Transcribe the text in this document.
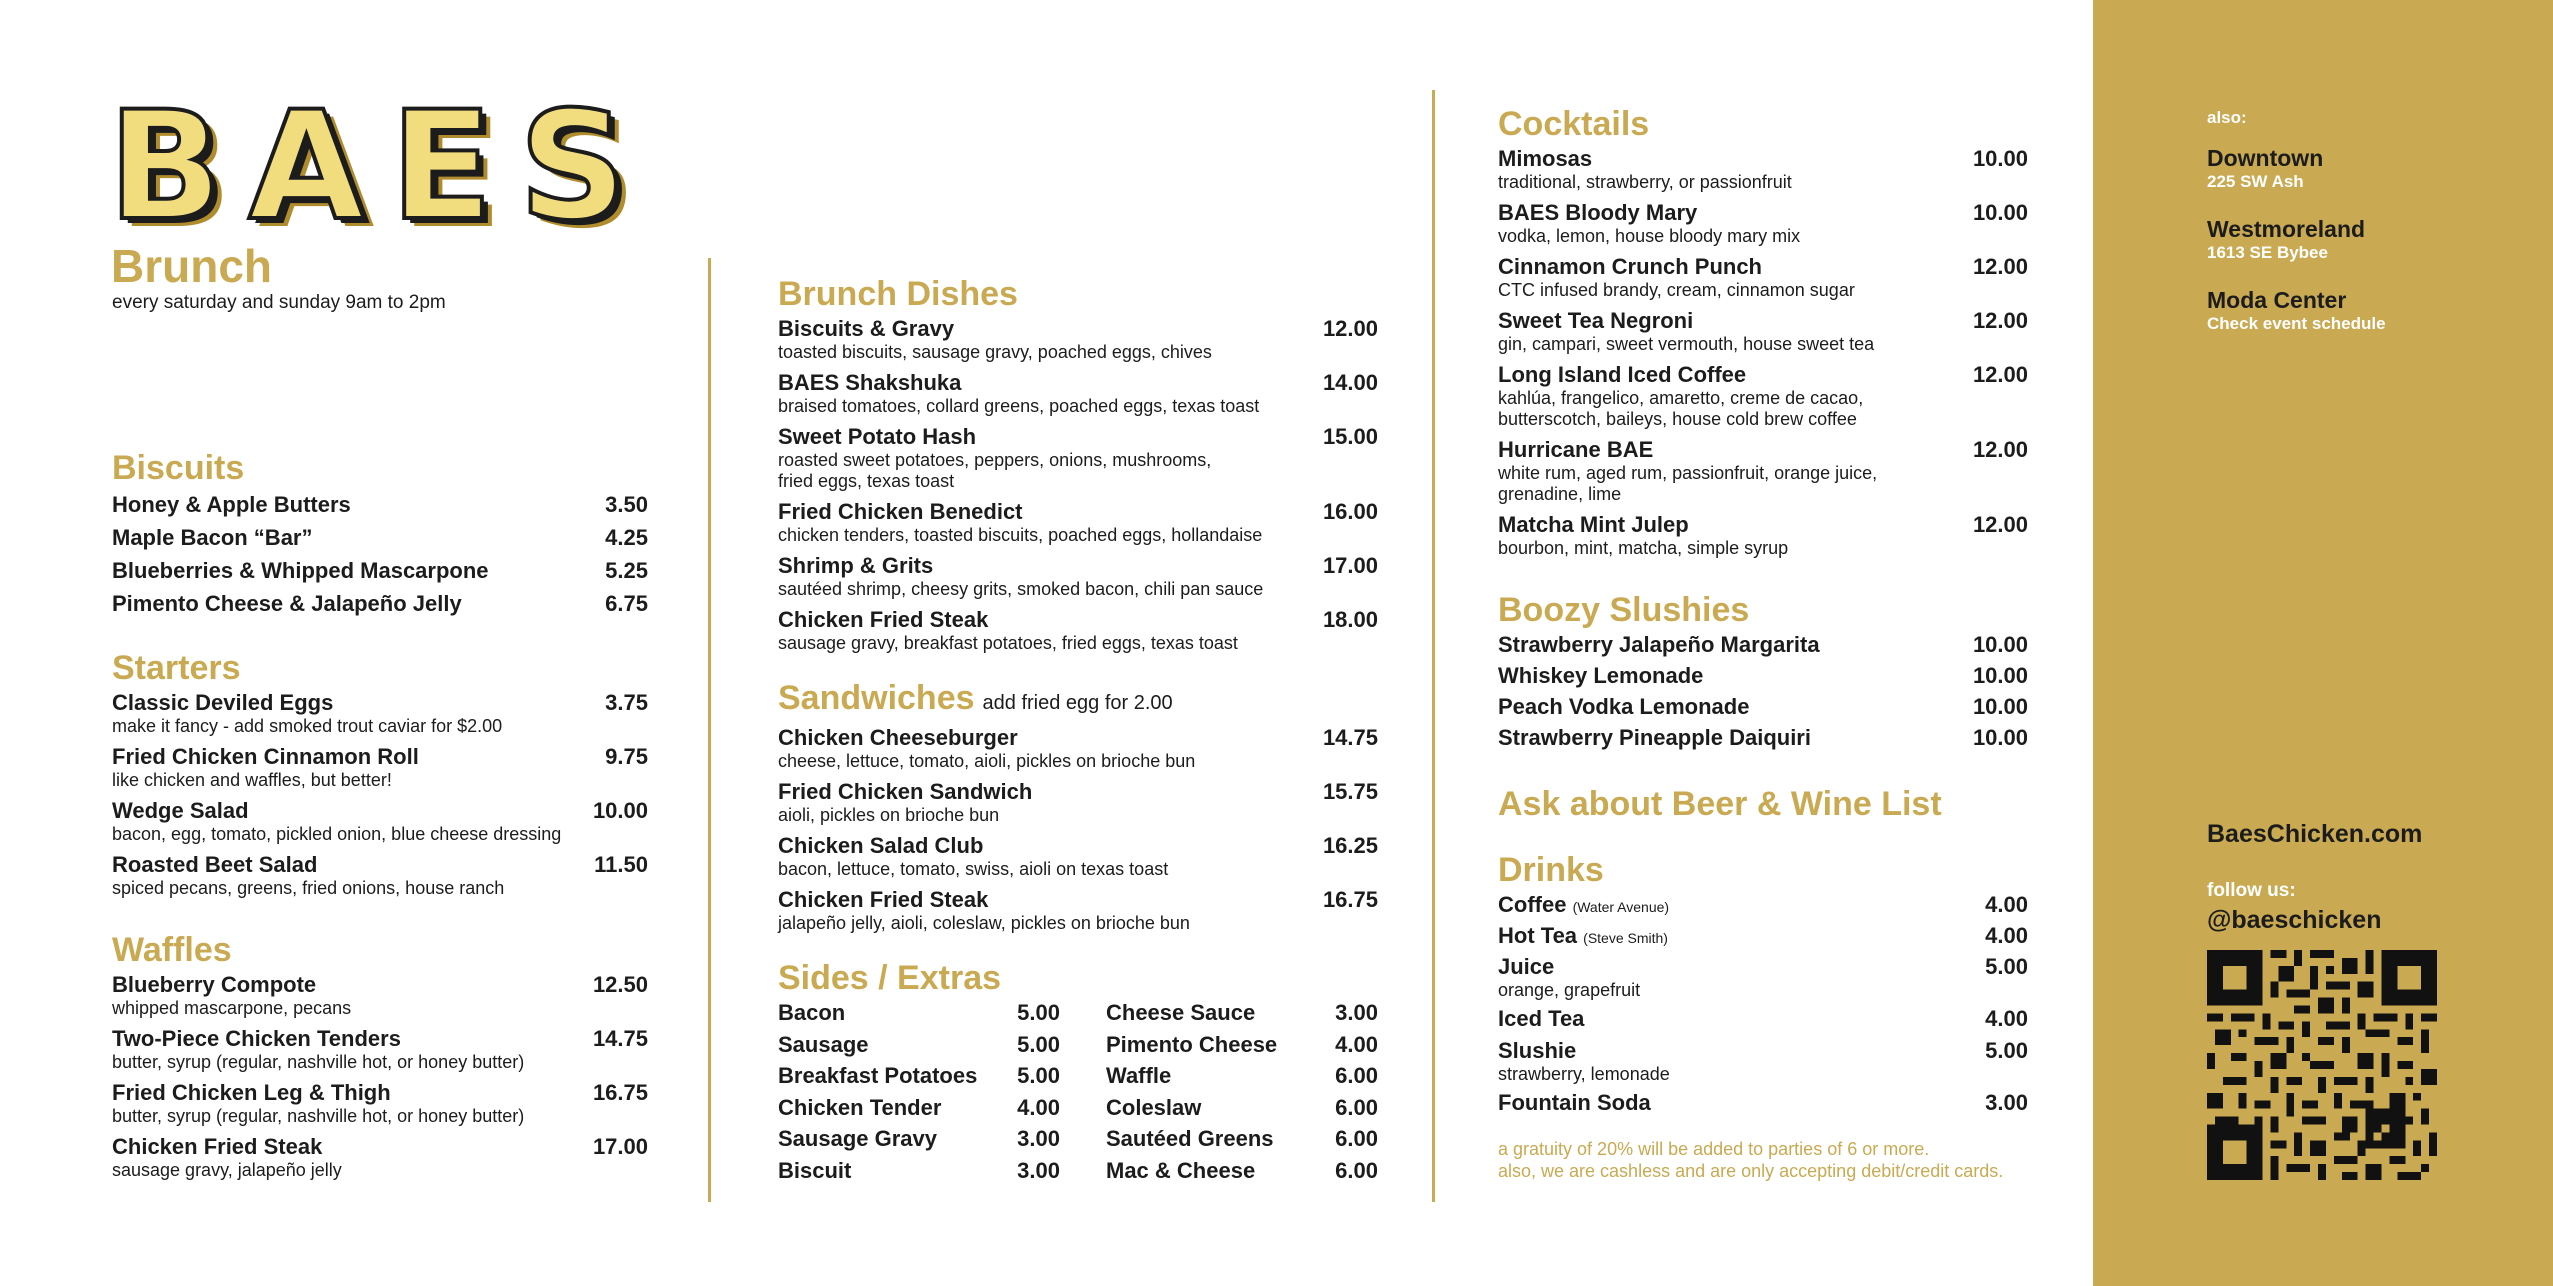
BAES
Brunch
every saturday and sunday 9am to 2pm
Biscuits
Honey & Apple Butters	3.50
Maple Bacon “Bar”	4.25
Blueberries & Whipped Mascarpone	5.25
Pimento Cheese & Jalapeño Jelly	6.75
Starters
Classic Deviled Eggs	3.75
make it fancy - add smoked trout caviar for $2.00
Fried Chicken Cinnamon Roll	9.75
like chicken and waffles, but better!
Wedge Salad	10.00
bacon, egg, tomato, pickled onion, blue cheese dressing
Roasted Beet Salad	11.50
spiced pecans, greens, fried onions, house ranch
Waffles
Blueberry Compote	12.50
whipped mascarpone, pecans
Two-Piece Chicken Tenders	14.75
butter, syrup (regular, nashville hot, or honey butter)
Fried Chicken Leg & Thigh	16.75
butter, syrup (regular, nashville hot, or honey butter)
Chicken Fried Steak	17.00
sausage gravy, jalapeño jelly
Brunch Dishes
Biscuits & Gravy	12.00
toasted biscuits, sausage gravy, poached eggs, chives
BAES Shakshuka	14.00
braised tomatoes, collard greens, poached eggs, texas toast
Sweet Potato Hash	15.00
roasted sweet potatoes, peppers, onions, mushrooms,
fried eggs, texas toast
Fried Chicken Benedict	16.00
chicken tenders, toasted biscuits, poached eggs, hollandaise
Shrimp & Grits	17.00
sautéed shrimp, cheesy grits, smoked bacon, chili pan sauce
Chicken Fried Steak	18.00
sausage gravy, breakfast potatoes, fried eggs, texas toast
Sandwiches add fried egg for 2.00
Chicken Cheeseburger	14.75
cheese, lettuce, tomato, aioli, pickles on brioche bun
Fried Chicken Sandwich	15.75
aioli, pickles on brioche bun
Chicken Salad Club	16.25
bacon, lettuce, tomato, swiss, aioli on texas toast
Chicken Fried Steak	16.75
jalapeño jelly, aioli, coleslaw, pickles on brioche bun
Sides / Extras
Bacon	5.00
Sausage	5.00
Breakfast Potatoes 5.00
Chicken Tender	4.00
Sausage Gravy	3.00
Biscuit	3.00
Cheese Sauce	3.00
Pimento Cheese	4.00
Waffle	6.00
Coleslaw	6.00
Sautéed Greens	6.00
Mac & Cheese	6.00
Cocktails
Mimosas	10.00
traditional, strawberry, or passionfruit
BAES Bloody Mary	10.00
vodka, lemon, house bloody mary mix
Cinnamon Crunch Punch	12.00
CTC infused brandy, cream, cinnamon sugar
Sweet Tea Negroni	12.00
gin, campari, sweet vermouth, house sweet tea
Long Island Iced Coffee	12.00
kahlúa, frangelico, amaretto, creme de cacao,
butterscotch, baileys, house cold brew coffee
Hurricane BAE	12.00
white rum, aged rum, passionfruit, orange juice,
grenadine, lime
Matcha Mint Julep	12.00
bourbon, mint, matcha, simple syrup
Boozy Slushies
Strawberry Jalapeño Margarita	10.00
Whiskey Lemonade	10.00
Peach Vodka Lemonade	10.00
Strawberry Pineapple Daiquiri	10.00
Ask about Beer & Wine List
Drinks
Coffee (Water Avenue)	4.00
Hot Tea (Steve Smith)	4.00
Juice	5.00
orange, grapefruit
Iced Tea	4.00
Slushie	5.00
strawberry, lemonade
Fountain Soda	3.00
a gratuity of 20% will be added to parties of 6 or more.
also, we are cashless and are only accepting debit/credit cards.
also:
Downtown
225 SW Ash
Westmoreland
1613 SE Bybee
Moda Center
Check event schedule
BaesChicken.com
follow us:
@baeschicken
